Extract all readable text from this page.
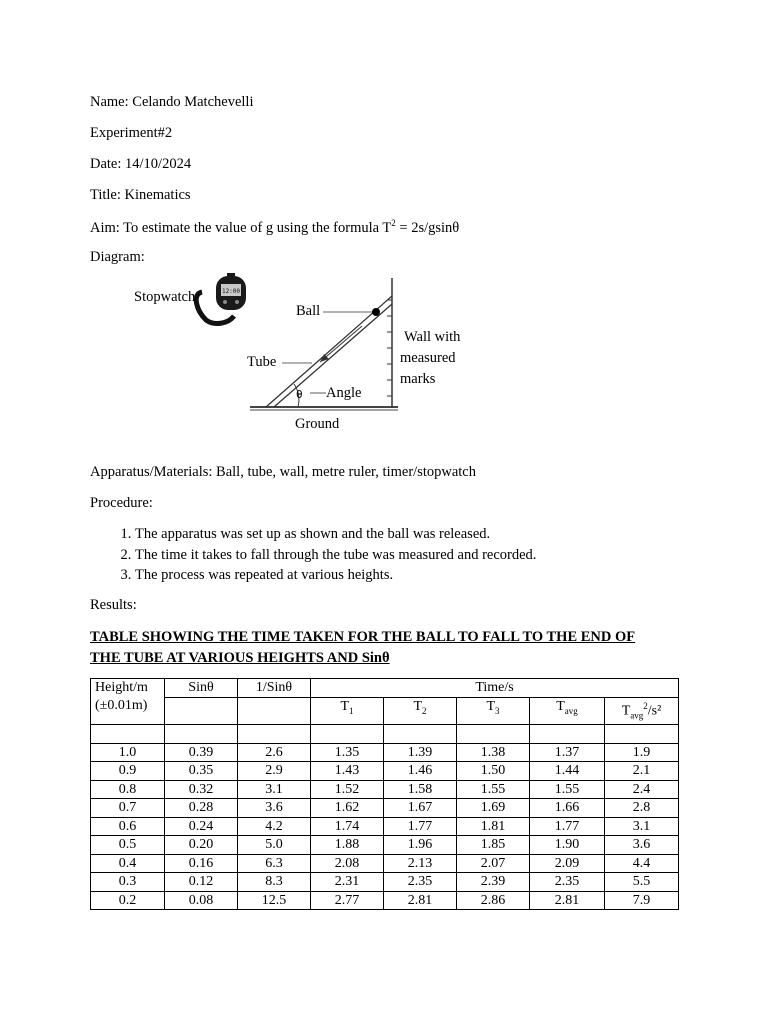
Name: Celando Matchevelli
Experiment#2
Date: 14/10/2024
Title: Kinematics
Aim: To estimate the value of g using the formula $T^2 = 2s/gsin\theta$
Diagram:
12:00
Stopwatch
Ball
Tube
Angle
θ
Ground
Wall with
measured
marks
Apparatus/Materials: Ball, tube, wall, metre ruler, timer/stopwatch
Procedure:
1. The apparatus was set up as shown and the ball was released.
2. The time it takes to fall through the tube was measured and recorded.
3. The process was repeated at various heights.
Results:
TABLE SHOWING THE TIME TAKEN FOR THE BALL TO FALL TO THE END OF
THE TUBE AT VARIOUS HEIGHTS AND Sinθ
Height/m
(±0.01m)	Sinθ	1/Sinθ	Time/s				
			$T_1$	$T_2$	$T_3$	$T_{avg}$	$T_{avg}^2/s^2$

1.0	0.39	2.6	1.35	1.39	1.38	1.37	1.9
0.9	0.35	2.9	1.43	1.46	1.50	1.44	2.1
0.8	0.32	3.1	1.52	1.58	1.55	1.55	2.4
0.7	0.28	3.6	1.62	1.67	1.69	1.66	2.8
0.6	0.24	4.2	1.74	1.77	1.81	1.77	3.1
0.5	0.20	5.0	1.88	1.96	1.85	1.90	3.6
0.4	0.16	6.3	2.08	2.13	2.07	2.09	4.4
0.3	0.12	8.3	2.31	2.35	2.39	2.35	5.5
0.2	0.08	12.5	2.77	2.81	2.86	2.81	7.9
